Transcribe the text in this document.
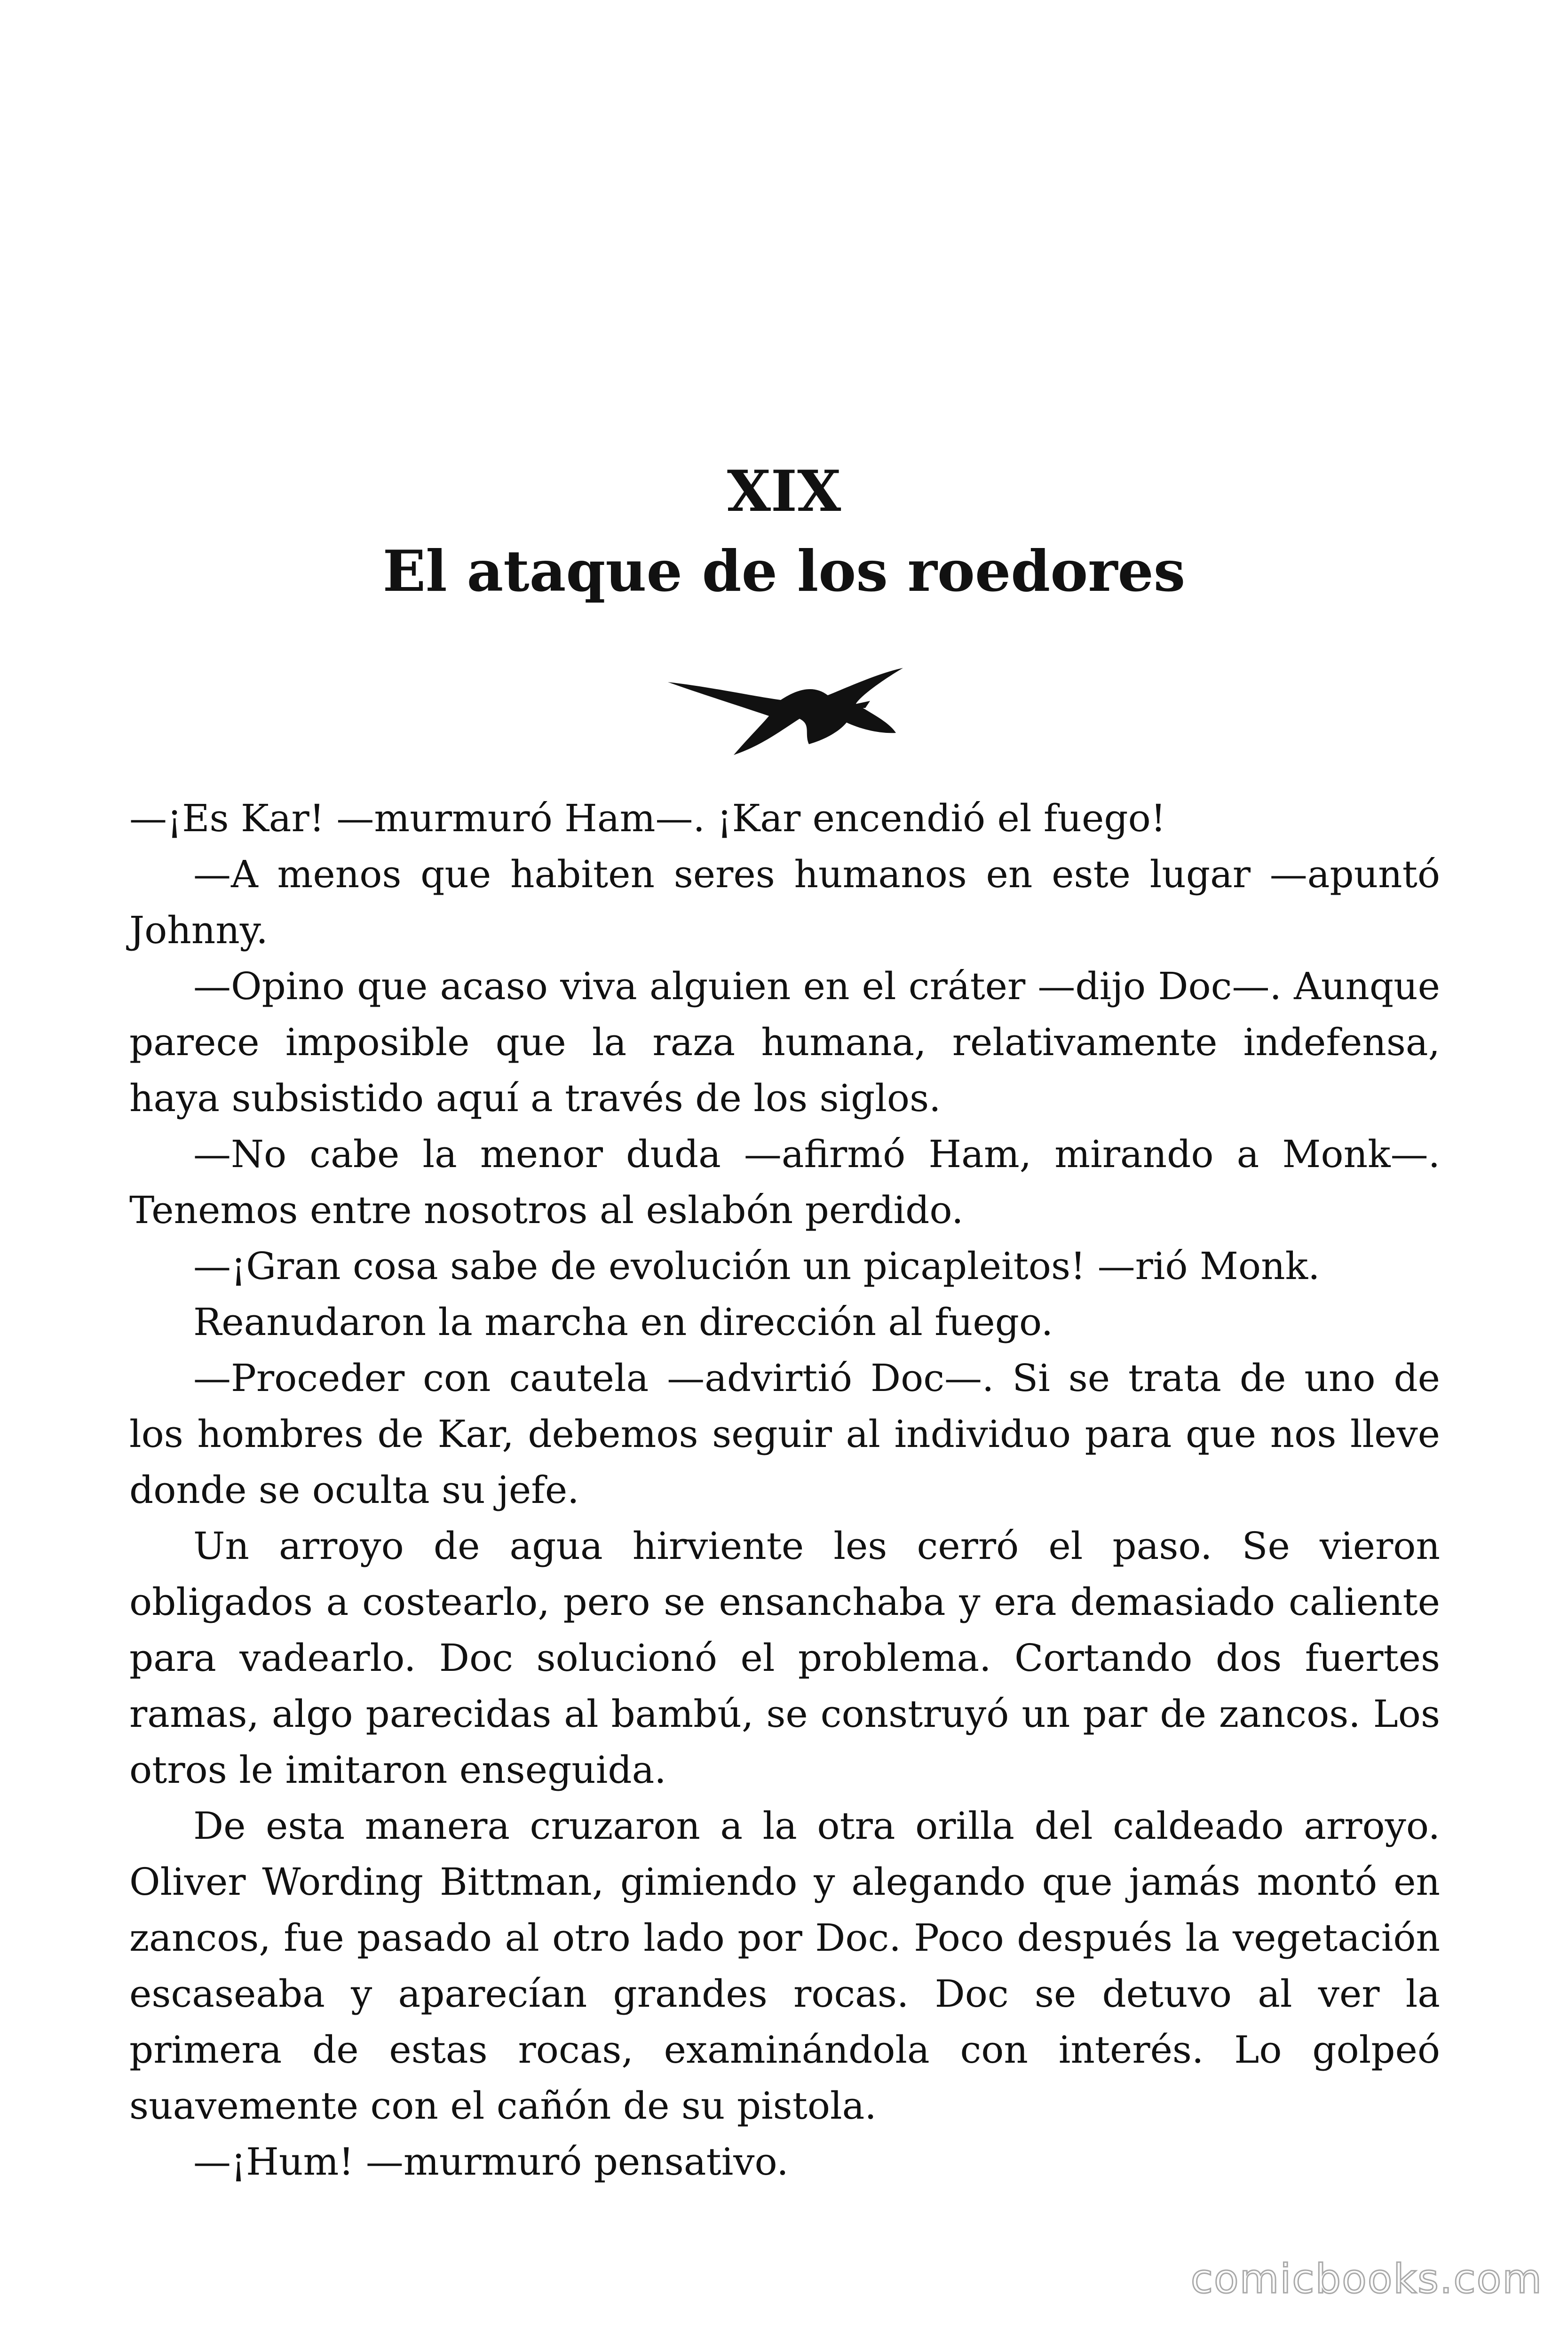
XIX
El ataque de los roedores

—¡Es Kar! —murmuró Ham—. ¡Kar encendió el fuego!

—A menos que habiten seres humanos en este lugar —apuntó Johnny.

—Opino que acaso viva alguien en el cráter —dijo Doc—. Aunque parece imposible que la raza humana, relativamente indefensa, haya subsistido aquí a través de los siglos.

—No cabe la menor duda —afirmó Ham, mirando a Monk—. Tenemos entre nosotros al eslabón perdido.

—¡Gran cosa sabe de evolución un picapleitos! —rió Monk.

Reanudaron la marcha en dirección al fuego.

—Proceder con cautela —advirtió Doc—. Si se trata de uno de los hombres de Kar, debemos seguir al individuo para que nos lleve donde se oculta su jefe.

Un arroyo de agua hirviente les cerró el paso. Se vieron obligados a costearlo, pero se ensanchaba y era demasiado caliente para vadearlo. Doc solucionó el problema. Cortando dos fuertes ramas, algo parecidas al bambú, se construyó un par de zancos. Los otros le imitaron enseguida.

De esta manera cruzaron a la otra orilla del caldeado arroyo. Oliver Wording Bittman, gimiendo y alegando que jamás montó en zancos, fue pasado al otro lado por Doc. Poco después la vegetación escaseaba y aparecían grandes rocas. Doc se detuvo al ver la primera de estas rocas, examinándola con interés. Lo golpeó suavemente con el cañón de su pistola.

—¡Hum! —murmuró pensativo.

comicbooks.com
